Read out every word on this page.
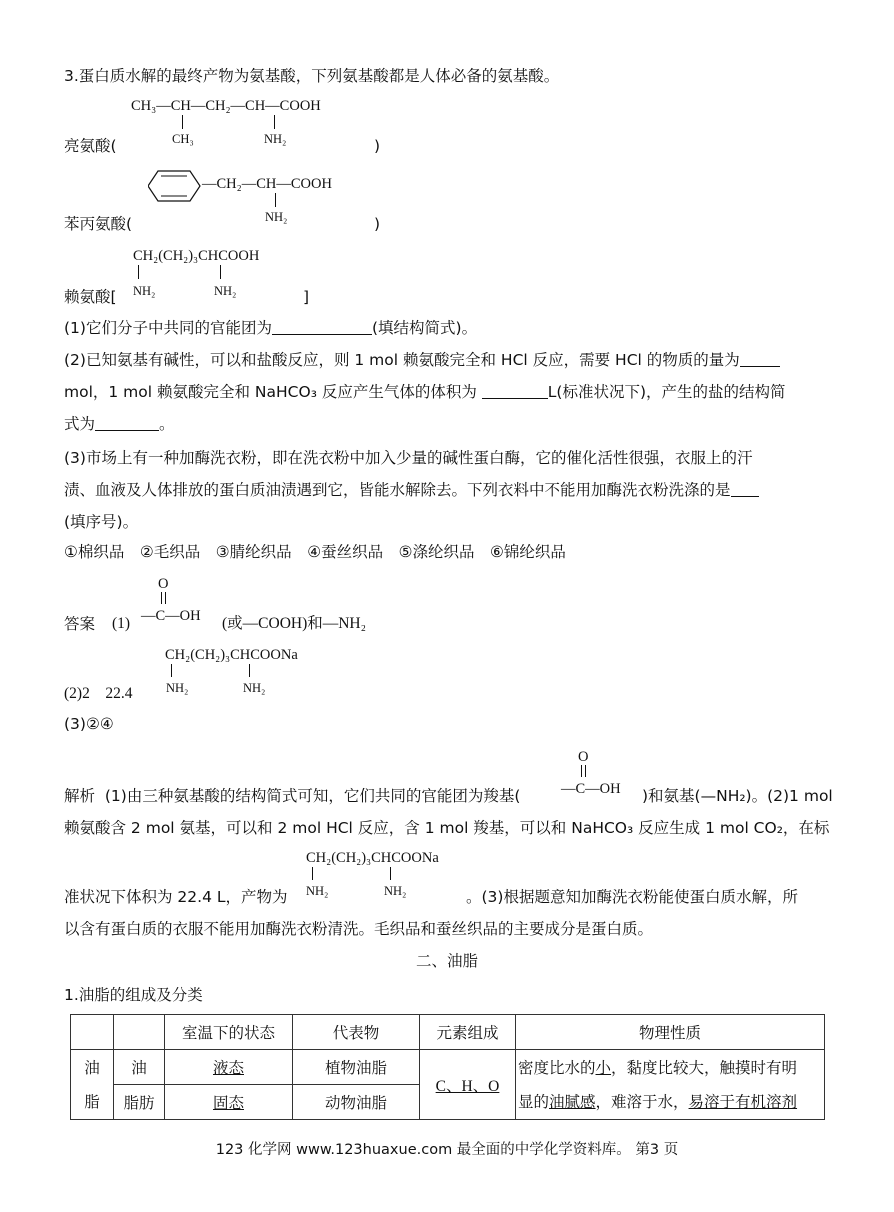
3.蛋白质水解的最终产物为氨基酸，下列氨基酸都是人体必备的氨基酸。
CH₃—CH—CH₂—CH—COOH
CH₃	NH₂
亮氨酸(	)
—CH₂—CH—COOH
NH₂
苯丙氨酸(	)
CH₂(CH₂)₃CHCOOH
NH₂	NH₂
赖氨酸[	]
(1)它们分子中共同的官能团为	(填结构简式)。
(2)已知氨基有碱性，可以和盐酸反应，则 1 mol 赖氨酸完全和 HCl 反应，需要 HCl 的物质的量为
mol，1 mol 赖氨酸完全和 NaHCO₃ 反应产生气体的体积为	L(标准状况下)，产生的盐的结构简
式为	。
(3)市场上有一种加酶洗衣粉，即在洗衣粉中加入少量的碱性蛋白酶，它的催化活性很强，衣服上的汗
渍、血液及人体排放的蛋白质油渍遇到它，皆能水解除去。下列衣料中不能用加酶洗衣粉洗涤的是
(填序号)。
①棉织品　②毛织品　③腈纶织品　④蚕丝织品　⑤涤纶织品　⑥锦纶织品
O
—C—OH
答案 (1)	(或—COOH)和—NH₂
CH₂(CH₂)₃CHCOONa
NH₂	NH₂
(2)2　22.4
(3)②④
O
—C—OH
解析 (1)由三种氨基酸的结构简式可知，它们共同的官能团为羧基(	)和氨基(—NH₂)。(2)1 mol
赖氨酸含 2 mol 氨基，可以和 2 mol HCl 反应，含 1 mol 羧基，可以和 NaHCO₃ 反应生成 1 mol CO₂，在标
CH₂(CH₂)₃CHCOONa
NH₂	NH₂
准状况下体积为 22.4 L，产物为	。(3)根据题意知加酶洗衣粉能使蛋白质水解，所
以含有蛋白质的衣服不能用加酶洗衣粉清洗。毛织品和蚕丝织品的主要成分是蛋白质。
二、油脂
1.油脂的组成及分类
		室温下的状态	代表物	元素组成	物理性质

油脂	油	液态	植物油脂	C、H、O	密度比水的小，黏度比较大，触摸时有明
显的油腻感，难溶于水，易溶于有机溶剂

	脂肪	固态	动物油脂		
123 化学网 www.123huaxue.com 最全面的中学化学资料库。 第3 页
